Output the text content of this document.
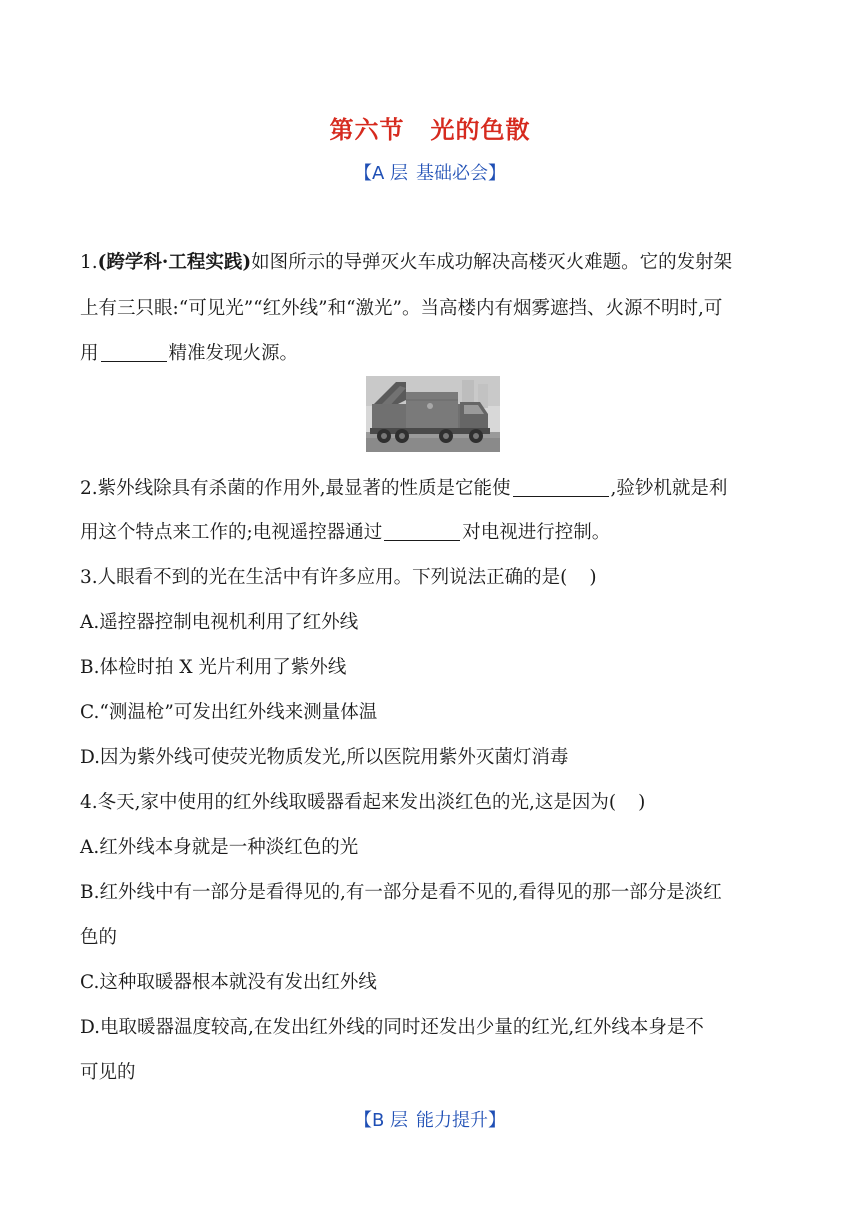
第六节 光的色散
【A 层 基础必会】
1.(跨学科·工程实践)如图所示的导弹灭火车成功解决高楼灭火难题。它的发射架
上有三只眼:“可见光”“红外线”和“激光”。当高楼内有烟雾遮挡、火源不明时,可
用	精准发现火源。
2.紫外线除具有杀菌的作用外,最显著的性质是它能使	,验钞机就是利
用这个特点来工作的;电视遥控器通过	对电视进行控制。
3.人眼看不到的光在生活中有许多应用。下列说法正确的是( )
A.遥控器控制电视机利用了红外线
B.体检时拍 X 光片利用了紫外线
C.“测温枪”可发出红外线来测量体温
D.因为紫外线可使荧光物质发光,所以医院用紫外灭菌灯消毒
4.冬天,家中使用的红外线取暖器看起来发出淡红色的光,这是因为( )
A.红外线本身就是一种淡红色的光
B.红外线中有一部分是看得见的,有一部分是看不见的,看得见的那一部分是淡红
色的
C.这种取暖器根本就没有发出红外线
D.电取暖器温度较高,在发出红外线的同时还发出少量的红光,红外线本身是不
可见的
【B 层 能力提升】
